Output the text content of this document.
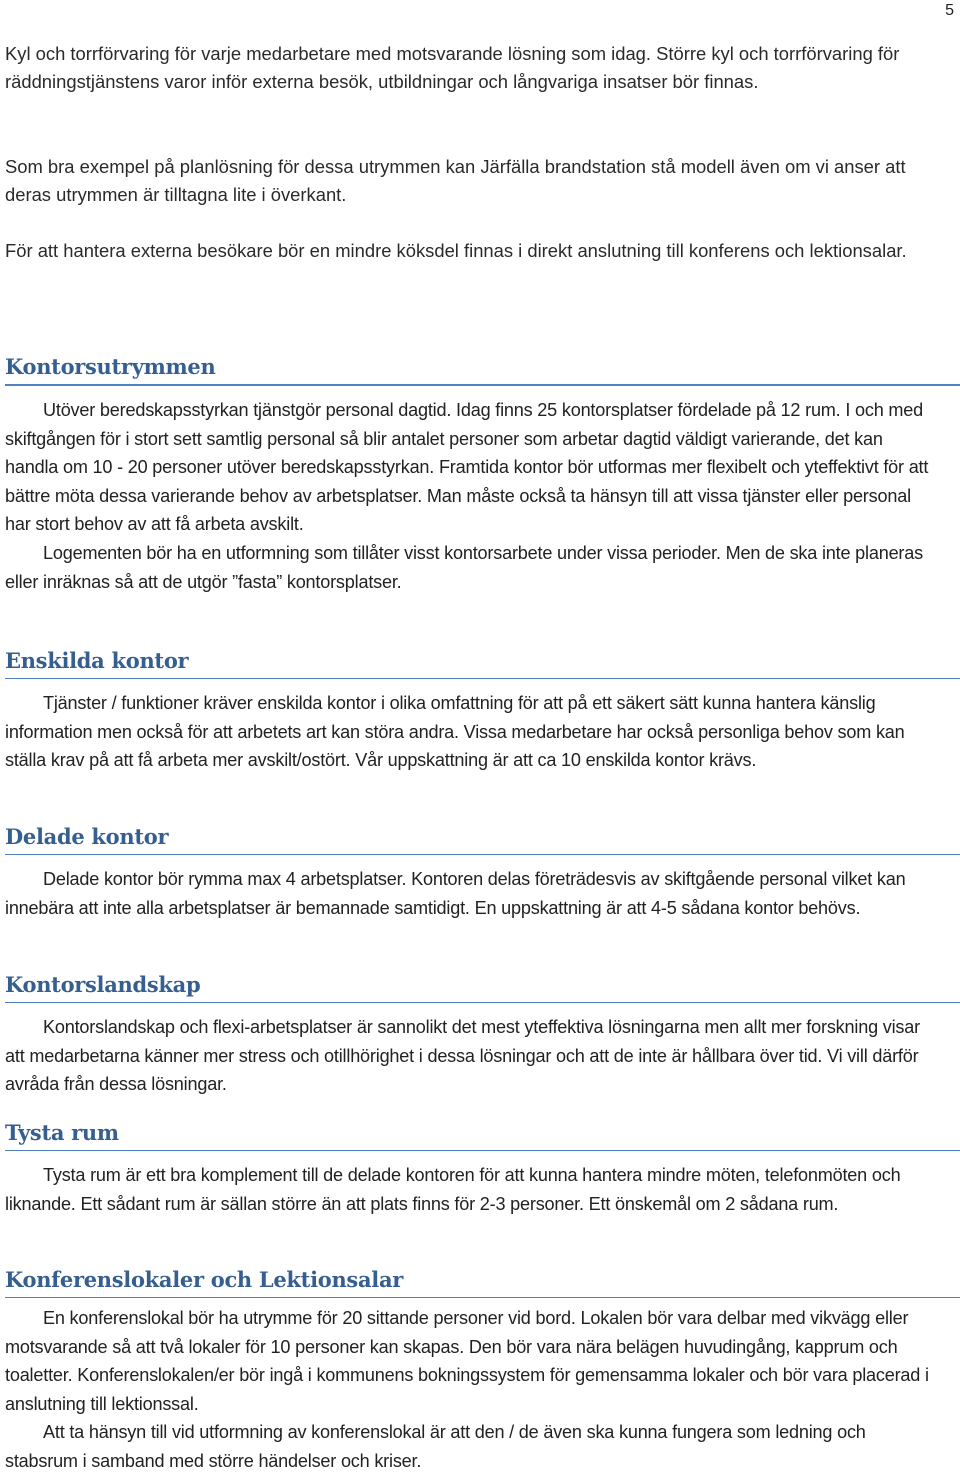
5

Kyl och torrförvaring för varje medarbetare med motsvarande lösning som idag. Större kyl och torrförvaring för räddningstjänstens varor inför externa besök, utbildningar och långvariga insatser bör finnas.

Som bra exempel på planlösning för dessa utrymmen kan Järfälla brandstation stå modell även om vi anser att deras utrymmen är tilltagna lite i överkant.

För att hantera externa besökare bör en mindre köksdel finnas i direkt anslutning till konferens och lektionsalar.

Kontorsutrymmen

Utöver beredskapsstyrkan tjänstgör personal dagtid. Idag finns 25 kontorsplatser fördelade på 12 rum. I och med skiftgången för i stort sett samtlig personal så blir antalet personer som arbetar dagtid väldigt varierande, det kan handla om 10 - 20 personer utöver beredskapsstyrkan. Framtida kontor bör utformas mer flexibelt och yteffektivt för att bättre möta dessa varierande behov av arbetsplatser. Man måste också ta hänsyn till att vissa tjänster eller personal har stort behov av att få arbeta avskilt.

Logementen bör ha en utformning som tillåter visst kontorsarbete under vissa perioder. Men de ska inte planeras eller inräknas så att de utgör ”fasta” kontorsplatser.

Enskilda kontor

Tjänster / funktioner kräver enskilda kontor i olika omfattning för att på ett säkert sätt kunna hantera känslig information men också för att arbetets art kan störa andra. Vissa medarbetare har också personliga behov som kan ställa krav på att få arbeta mer avskilt/ostört. Vår uppskattning är att ca 10 enskilda kontor krävs.

Delade kontor

Delade kontor bör rymma max 4 arbetsplatser. Kontoren delas företrädesvis av skiftgående personal vilket kan innebära att inte alla arbetsplatser är bemannade samtidigt. En uppskattning är att 4-5 sådana kontor behövs.

Kontorslandskap

Kontorslandskap och flexi-arbetsplatser är sannolikt det mest yteffektiva lösningarna men allt mer forskning visar att medarbetarna känner mer stress och otillhörighet i dessa lösningar och att de inte är hållbara över tid. Vi vill därför avråda från dessa lösningar.

Tysta rum

Tysta rum är ett bra komplement till de delade kontoren för att kunna hantera mindre möten, telefonmöten och liknande. Ett sådant rum är sällan större än att plats finns för 2-3 personer. Ett önskemål om 2 sådana rum.

Konferenslokaler och Lektionsalar

En konferenslokal bör ha utrymme för 20 sittande personer vid bord. Lokalen bör vara delbar med vikvägg eller motsvarande så att två lokaler för 10 personer kan skapas. Den bör vara nära belägen huvudingång, kapprum och toaletter. Konferenslokalen/er bör ingå i kommunens bokningssystem för gemensamma lokaler och bör vara placerad i anslutning till lektionssal.

Att ta hänsyn till vid utformning av konferenslokal är att den / de även ska kunna fungera som ledning och stabsrum i samband med större händelser och kriser.
